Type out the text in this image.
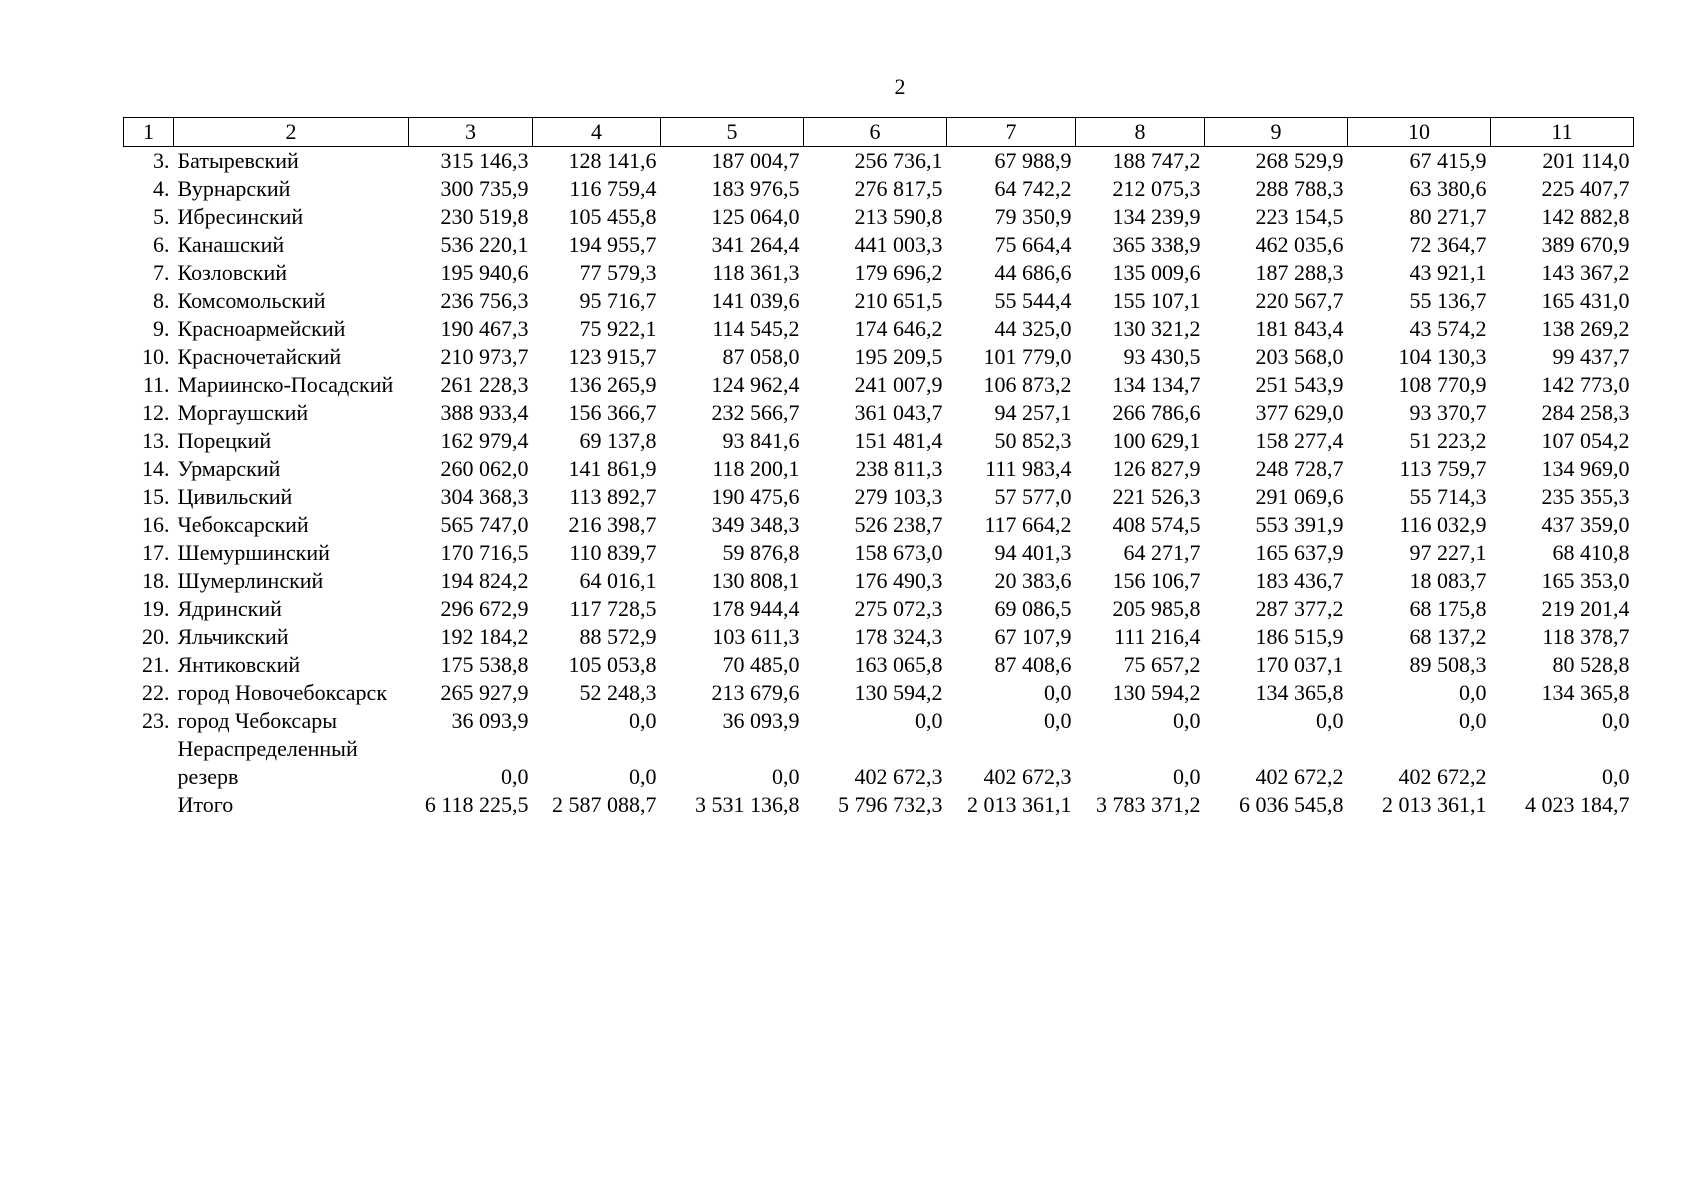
2
1	2	3	4	5	6	7	8	9	10	11
3.	Батыревский	315 146,3	128 141,6	187 004,7	256 736,1	67 988,9	188 747,2	268 529,9	67 415,9	201 114,0
4.	Вурнарский	300 735,9	116 759,4	183 976,5	276 817,5	64 742,2	212 075,3	288 788,3	63 380,6	225 407,7
5.	Ибресинский	230 519,8	105 455,8	125 064,0	213 590,8	79 350,9	134 239,9	223 154,5	80 271,7	142 882,8
6.	Канашский	536 220,1	194 955,7	341 264,4	441 003,3	75 664,4	365 338,9	462 035,6	72 364,7	389 670,9
7.	Козловский	195 940,6	77 579,3	118 361,3	179 696,2	44 686,6	135 009,6	187 288,3	43 921,1	143 367,2
8.	Комсомольский	236 756,3	95 716,7	141 039,6	210 651,5	55 544,4	155 107,1	220 567,7	55 136,7	165 431,0
9.	Красноармейский	190 467,3	75 922,1	114 545,2	174 646,2	44 325,0	130 321,2	181 843,4	43 574,2	138 269,2
10.	Красночетайский	210 973,7	123 915,7	87 058,0	195 209,5	101 779,0	93 430,5	203 568,0	104 130,3	99 437,7
11.	Мариинско-Посадский	261 228,3	136 265,9	124 962,4	241 007,9	106 873,2	134 134,7	251 543,9	108 770,9	142 773,0
12.	Моргаушский	388 933,4	156 366,7	232 566,7	361 043,7	94 257,1	266 786,6	377 629,0	93 370,7	284 258,3
13.	Порецкий	162 979,4	69 137,8	93 841,6	151 481,4	50 852,3	100 629,1	158 277,4	51 223,2	107 054,2
14.	Урмарский	260 062,0	141 861,9	118 200,1	238 811,3	111 983,4	126 827,9	248 728,7	113 759,7	134 969,0
15.	Цивильский	304 368,3	113 892,7	190 475,6	279 103,3	57 577,0	221 526,3	291 069,6	55 714,3	235 355,3
16.	Чебоксарский	565 747,0	216 398,7	349 348,3	526 238,7	117 664,2	408 574,5	553 391,9	116 032,9	437 359,0
17.	Шемуршинский	170 716,5	110 839,7	59 876,8	158 673,0	94 401,3	64 271,7	165 637,9	97 227,1	68 410,8
18.	Шумерлинский	194 824,2	64 016,1	130 808,1	176 490,3	20 383,6	156 106,7	183 436,7	18 083,7	165 353,0
19.	Ядринский	296 672,9	117 728,5	178 944,4	275 072,3	69 086,5	205 985,8	287 377,2	68 175,8	219 201,4
20.	Яльчикский	192 184,2	88 572,9	103 611,3	178 324,3	67 107,9	111 216,4	186 515,9	68 137,2	118 378,7
21.	Янтиковский	175 538,8	105 053,8	70 485,0	163 065,8	87 408,6	75 657,2	170 037,1	89 508,3	80 528,8
22.	город Новочебоксарск	265 927,9	52 248,3	213 679,6	130 594,2	0,0	130 594,2	134 365,8	0,0	134 365,8
23.	город Чебоксары	36 093,9	0,0	36 093,9	0,0	0,0	0,0	0,0	0,0	0,0
	Нераспределенный резерв	0,0	0,0	0,0	402 672,3	402 672,3	0,0	402 672,2	402 672,2	0,0
	Итого	6 118 225,5	2 587 088,7	3 531 136,8	5 796 732,3	2 013 361,1	3 783 371,2	6 036 545,8	2 013 361,1	4 023 184,7
